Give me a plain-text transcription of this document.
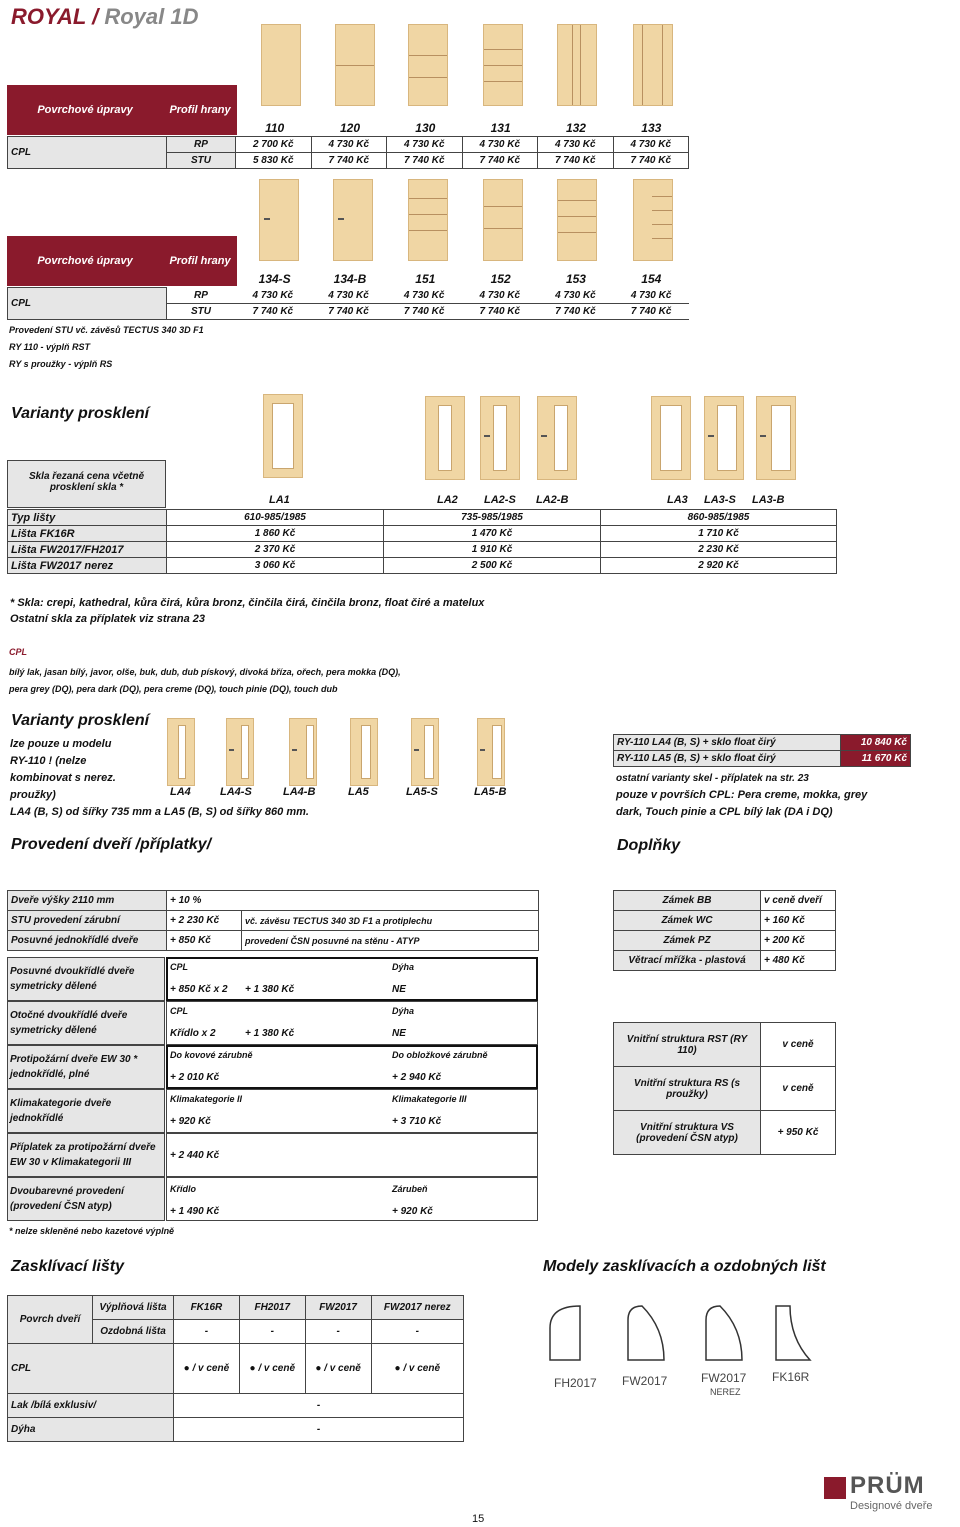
ROYAL / Royal 1D
Povrchové úpravy	Profil hrany	
110	120	130	131	132	133
CPL	RP	2 700 Kč	4 730 Kč	4 730 Kč	4 730 Kč	4 730 Kč	4 730 Kč
	STU	5 830 Kč	7 740 Kč	7 740 Kč	7 740 Kč	7 740 Kč	7 740 Kč
Povrchové úpravy	Profil hrany	
134-S	134-B	151	152	153	154
CPL	RP	4 730 Kč	4 730 Kč	4 730 Kč	4 730 Kč	4 730 Kč	4 730 Kč
	STU	7 740 Kč	7 740 Kč	7 740 Kč	7 740 Kč	7 740 Kč	7 740 Kč
Provedení STU vč. závěsů TECTUS 340 3D F1
RY 110 - výplň RST
RY s proužky - výplň RS
Varianty prosklení
Skla řezaná cena včetně prosklení skla *
LA1	LA2 LA2-S LA2-B	LA3 LA3-S LA3-B
Typ lišty	610-985/1985	735-985/1985	860-985/1985
Lišta FK16R	1 860 Kč	1 470 Kč	1 710 Kč
Lišta FW2017/FH2017	2 370 Kč	1 910 Kč	2 230 Kč
Lišta FW2017 nerez	3 060 Kč	2 500 Kč	2 920 Kč
* Skla: crepi, kathedral, kůra čirá, kůra bronz, činčila čirá, činčila bronz, float čiré a matelux
Ostatní skla za příplatek viz strana 23
CPL
bílý lak, jasan bílý, javor, olše, buk, dub, dub pískový, divoká bříza, ořech, pera mokka (DQ),
pera grey (DQ), pera dark (DQ), pera creme (DQ), touch pinie (DQ), touch dub
Varianty prosklení
lze pouze u modelu
RY-110 ! (nelze
kombinovat s nerez.
proužky)
LA4 (B, S) od šířky 735 mm a LA5 (B, S) od šířky 860 mm.
LA4	LA4-S	LA4-B	LA5	LA5-S	LA5-B
RY-110 LA4 (B, S) + sklo float čirý	10 840 Kč
RY-110 LA5 (B, S) + sklo float čirý	11 670 Kč
ostatní varianty skel - příplatek na str. 23
pouze v površích CPL: Pera creme, mokka, grey
dark, Touch pinie a CPL bílý lak (DA i DQ)
Provedení dveří /příplatky/	Doplňky
Dveře výšky 2110 mm	+ 10 %	
STU provedení zárubní	+ 2 230 Kč	vč. závěsu TECTUS 340 3D F1 a protiplechu
Posuvné jednokřídlé dveře	+ 850 Kč	provedení ČSN posuvné na stěnu - ATYP
Posuvné dvoukřídlé dveře symetricky dělené
CPL	Dýha
+ 850 Kč x 2 + 1 380 Kč	NE
Otočné dvoukřídlé dveře symetricky dělené
CPL	Dýha
Křídlo x 2	+ 1 380 Kč	NE
Protipožární dveře EW 30 * jednokřídlé, plné
Do kovové zárubně	Do obložkové zárubně
+ 2 010 Kč	+ 2 940 Kč
Klimakategorie dveře jednokřídlé
Klimakategorie II	Klimakategorie III
+ 920 Kč	+ 3 710 Kč
Příplatek za protipožární dveře EW 30 v Klimakategorii III
+ 2 440 Kč
Dvoubarevné provedení (provedení ČSN atyp)
Křídlo	Zárubeň
+ 1 490 Kč	+ 920 Kč
* nelze skleněné nebo kazetové výplně
Zámek BB	v ceně dveří
Zámek WC	+ 160 Kč
Zámek PZ	+ 200 Kč
Větrací mřížka - plastová	+ 480 Kč
Vnitřní struktura RST (RY 110)	v ceně
Vnitřní struktura RS (s proužky)	v ceně
Vnitřní struktura VS (provedení ČSN atyp)	+ 950 Kč
Zasklívací lišty	Modely zasklívacích a ozdobných lišt
Povrch dveří	Výplňová lišta	FK16R	FH2017	FW2017	FW2017 nerez
	Ozdobná lišta	-	-	-	-
CPL		● / v ceně	● / v ceně	● / v ceně	● / v ceně
Lak /bílá exklusiv/		-			
Dýha		-			
FH2017 FW2017	FW2017
NEREZ
FK16R
PRÜM
Designové dveře
15
